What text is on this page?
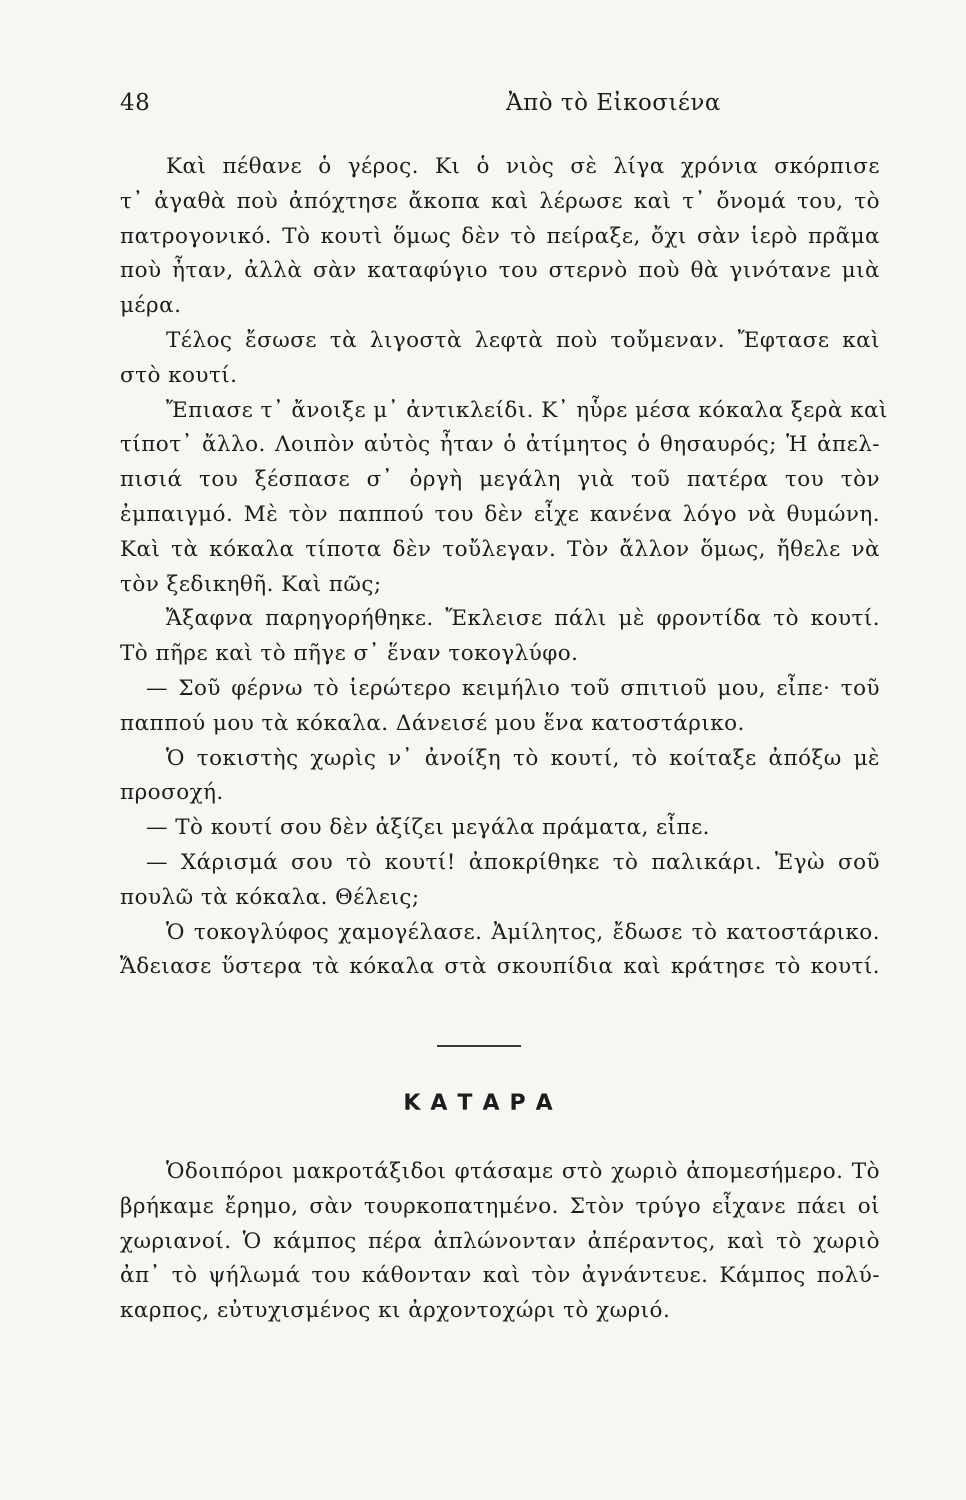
48	Ἀπὸ τὸ Εἰκοσιένα
Καὶ πέθανε ὁ γέρος. Κι ὁ νιὸς σὲ λίγα χρόνια σκόρπισε
τ᾿ ἀγαθὰ ποὺ ἀπόχτησε ἄκοπα καὶ λέρωσε καὶ τ᾿ ὄνομά του, τὸ
πατρογονικό. Τὸ κουτὶ ὅμως δὲν τὸ πείραξε, ὄχι σὰν ἱερὸ πρᾶμα
ποὺ ἦταν, ἀλλὰ σὰν καταφύγιο του στερνὸ ποὺ θὰ γινότανε μιὰ
μέρα.
Τέλος ἔσωσε τὰ λιγοστὰ λεφτὰ ποὺ τοὔμεναν. Ἔφτασε καὶ
στὸ κουτί.
Ἔπιασε τ᾿ ἄνοιξε μ᾿ ἀντικλείδι. Κ᾿ ηὗρε μέσα κόκαλα ξερὰ καὶ
τίποτ᾿ ἄλλο. Λοιπὸν αὐτὸς ἦταν ὁ ἀτίμητος ὁ θησαυρός; Ἡ ἀπελ-
πισιά του ξέσπασε σ᾿ ὀργὴ μεγάλη γιὰ τοῦ πατέρα του τὸν
ἐμπαιγμό. Μὲ τὸν παππού του δὲν εἶχε κανένα λόγο νὰ θυμώνη.
Καὶ τὰ κόκαλα τίποτα δὲν τοὔλεγαν. Τὸν ἄλλον ὅμως, ἤθελε νὰ
τὸν ξεδικηθῆ. Καὶ πῶς;
Ἄξαφνα παρηγορήθηκε. Ἔκλεισε πάλι μὲ φροντίδα τὸ κουτί.
Τὸ πῆρε καὶ τὸ πῆγε σ᾿ ἕναν τοκογλύφο.
— Σοῦ φέρνω τὸ ἱερώτερο κειμήλιο τοῦ σπιτιοῦ μου, εἶπε· τοῦ
παππού μου τὰ κόκαλα. Δάνεισέ μου ἕνα κατοστάρικο.
Ὁ τοκιστὴς χωρὶς ν᾿ ἀνοίξη τὸ κουτί, τὸ κοίταξε ἀπόξω μὲ
προσοχή.
— Τὸ κουτί σου δὲν ἀξίζει μεγάλα πράματα, εἶπε.
— Χάρισμά σου τὸ κουτί! ἀποκρίθηκε τὸ παλικάρι. Ἐγὼ σοῦ
πουλῶ τὰ κόκαλα. Θέλεις;
Ὁ τοκογλύφος χαμογέλασε. Ἀμίλητος, ἔδωσε τὸ κατοστάρικο.
Ἄδειασε ὕστερα τὰ κόκαλα στὰ σκουπίδια καὶ κράτησε τὸ κουτί.
ΚΑΤΑΡΑ
Ὁδοιπόροι μακροτάξιδοι φτάσαμε στὸ χωριὸ ἀπομεσήμερο. Τὸ
βρήκαμε ἔρημο, σὰν τουρκοπατημένο. Στὸν τρύγο εἶχανε πάει οἱ
χωριανοί. Ὁ κάμπος πέρα ἁπλώνονταν ἀπέραντος, καὶ τὸ χωριὸ
ἀπ᾿ τὸ ψήλωμά του κάθονταν καὶ τὸν ἀγνάντευε. Κάμπος πολύ-
καρπος, εὐτυχισμένος κι ἀρχοντοχώρι τὸ χωριό.
